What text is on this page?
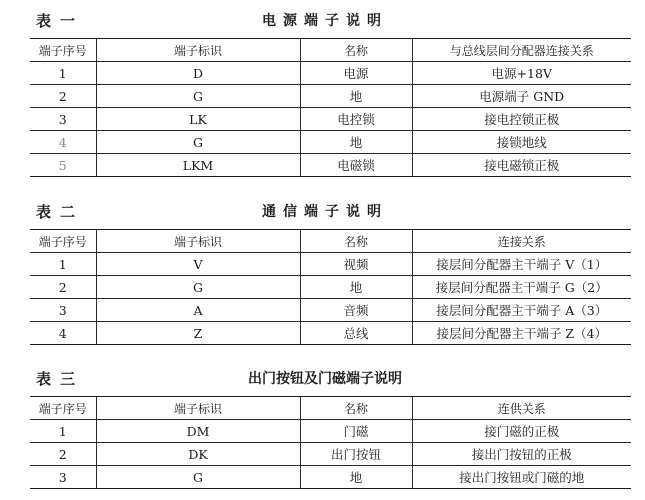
表一	电源端子说明
端子序号	端子标识	名称	与总线层间分配器连接关系
1	D	电源	电源+18V
2	G	地	电源端子 GND
3	LK	电控锁	接电控锁正极
4	G	地	接锁地线
5	LKM	电磁锁	接电磁锁正极
表二	通信端子说明
端子序号	端子标识	名称	连接关系
1	V	视频	接层间分配器主干端子 V（1）
2	G	地	接层间分配器主干端子 G（2）
3	A	音频	接层间分配器主干端子 A（3）
4	Z	总线	接层间分配器主干端子 Z（4）
表三	出门按钮及门磁端子说明
端子序号	端子标识	名称	连供关系
1	DM	门磁	接门磁的正极
2	DK	出门按钮	接出门按钮的正极
3	G	地	接出门按钮或门磁的地
